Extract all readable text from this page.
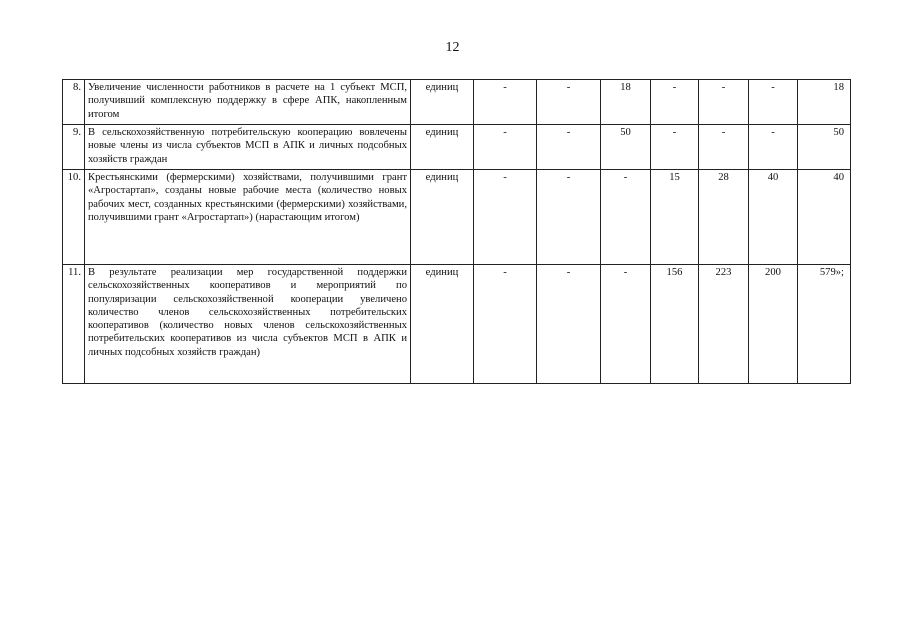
12
8.	Увеличение численности работников в расчете на 1 субъект МСП, получивший комплексную поддержку в сфере АПК, накопленным итогом	единиц	-	-	18	-	-	-	18
9.	В сельскохозяйственную потребительскую кооперацию вовлечены новые члены из числа субъектов МСП в АПК и личных подсобных хозяйств граждан	единиц	-	-	50	-	-	-	50
10.	Крестьянскими (фермерскими) хозяйствами, получившими грант «Агростартап», созданы новые рабочие места (количество новых рабочих мест, созданных крестьянскими (фермерскими) хозяйствами, получившими грант «Агростартап») (нарастающим итогом)	единиц	-	-	-	15	28	40	40
11.	В результате реализации мер государственной поддержки сельскохозяйственных кооперативов и мероприятий по популяризации сельскохозяйственной кооперации увеличено количество членов сельскохозяйственных потребительских кооперативов (количество новых членов сельскохозяйственных потребительских кооперативов из числа субъектов МСП в АПК и личных подсобных хозяйств граждан)	единиц	-	-	-	156	223	200	579»;
